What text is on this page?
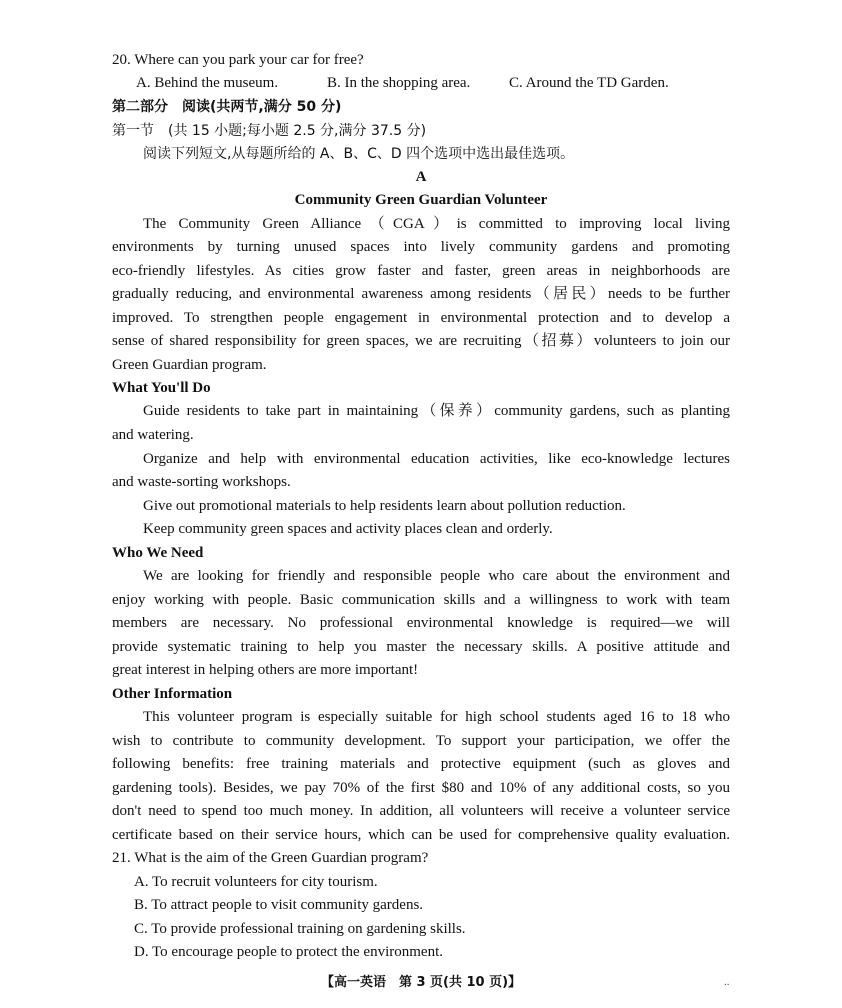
20. Where can you park your car for free?
A. Behind the museum.	B. In the shopping area.	C. Around the TD Garden.
第二部分　阅读(共两节,满分 50 分)
第一节　(共 15 小题;每小题 2.5 分,满分 37.5 分)
阅读下列短文,从每题所给的 A、B、C、D 四个选项中选出最佳选项。
A
Community Green Guardian Volunteer
The Community Green Alliance（CGA）is committed to improving local living
environments by turning unused spaces into lively community gardens and promoting
eco-friendly lifestyles. As cities grow faster and faster, green areas in neighborhoods are
gradually reducing, and environmental awareness among residents（居民）needs to be further
improved. To strengthen people engagement in environmental protection and to develop a
sense of shared responsibility for green spaces, we are recruiting（招募）volunteers to join our
Green Guardian program.
What You'll Do
Guide residents to take part in maintaining（保养）community gardens, such as planting
and watering.
Organize and help with environmental education activities, like eco-knowledge lectures
and waste-sorting workshops.
Give out promotional materials to help residents learn about pollution reduction.
Keep community green spaces and activity places clean and orderly.
Who We Need
We are looking for friendly and responsible people who care about the environment and
enjoy working with people. Basic communication skills and a willingness to work with team
members are necessary. No professional environmental knowledge is required—we will
provide systematic training to help you master the necessary skills. A positive attitude and
great interest in helping others are more important!
Other Information
This volunteer program is especially suitable for high school students aged 16 to 18 who
wish to contribute to community development. To support your participation, we offer the
following benefits: free training materials and protective equipment (such as gloves and
gardening tools). Besides, we pay 70% of the first $80 and 10% of any additional costs, so you
don't need to spend too much money. In addition, all volunteers will receive a volunteer service
certificate based on their service hours, which can be used for comprehensive quality evaluation.
21. What is the aim of the Green Guardian program?
A. To recruit volunteers for city tourism.
B. To attract people to visit community gardens.
C. To provide professional training on gardening skills.
D. To encourage people to protect the environment.
【高一英语　第 3 页(共 10 页)】	..
